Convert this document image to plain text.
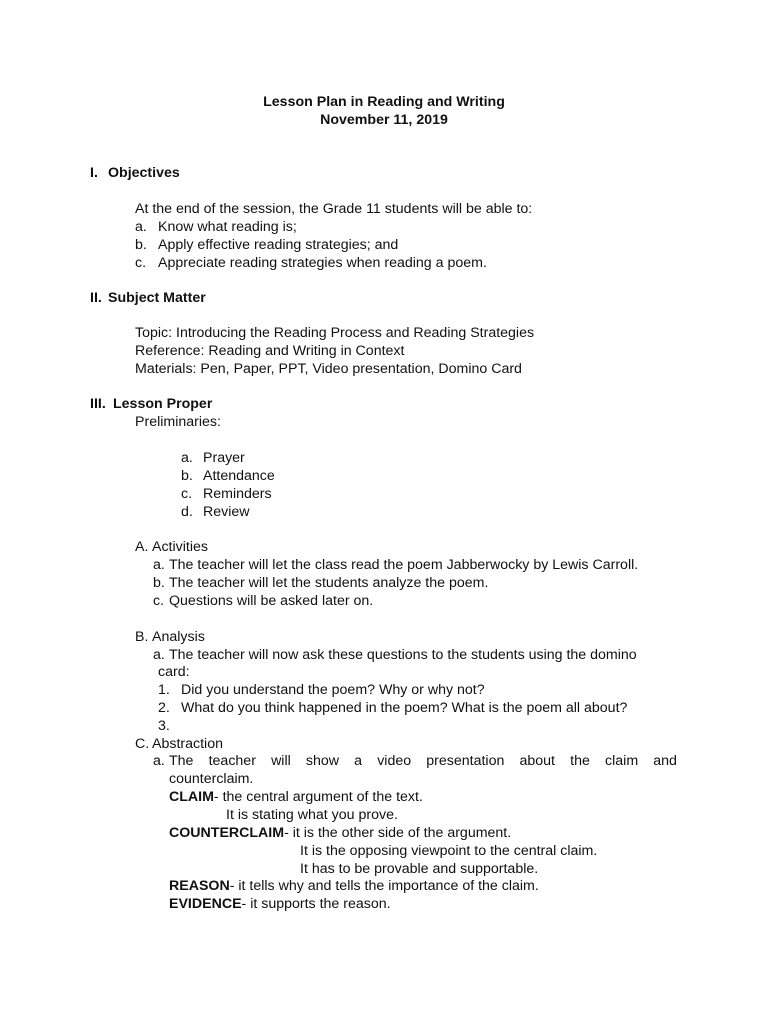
Lesson Plan in Reading and Writing
November 11, 2019
I. Objectives
At the end of the session, the Grade 11 students will be able to:
a. Know what reading is;
b. Apply effective reading strategies; and
c. Appreciate reading strategies when reading a poem.
II. Subject Matter
Topic: Introducing the Reading Process and Reading Strategies
Reference: Reading and Writing in Context
Materials: Pen, Paper, PPT, Video presentation, Domino Card
III. Lesson Proper
Preliminaries:
a. Prayer
b. Attendance
c. Reminders
d. Review
A. Activities
a. The teacher will let the class read the poem Jabberwocky by Lewis Carroll.
b. The teacher will let the students analyze the poem.
c. Questions will be asked later on.
B. Analysis
a. The teacher will now ask these questions to the students using the domino
card:
1. Did you understand the poem? Why or why not?
2. What do you think happened in the poem? What is the poem all about?
3.
C. Abstraction
a. The teacher will show a video presentation about the claim and
counterclaim.
CLAIM- the central argument of the text.
It is stating what you prove.
COUNTERCLAIM- it is the other side of the argument.
It is the opposing viewpoint to the central claim.
It has to be provable and supportable.
REASON- it tells why and tells the importance of the claim.
EVIDENCE- it supports the reason.
